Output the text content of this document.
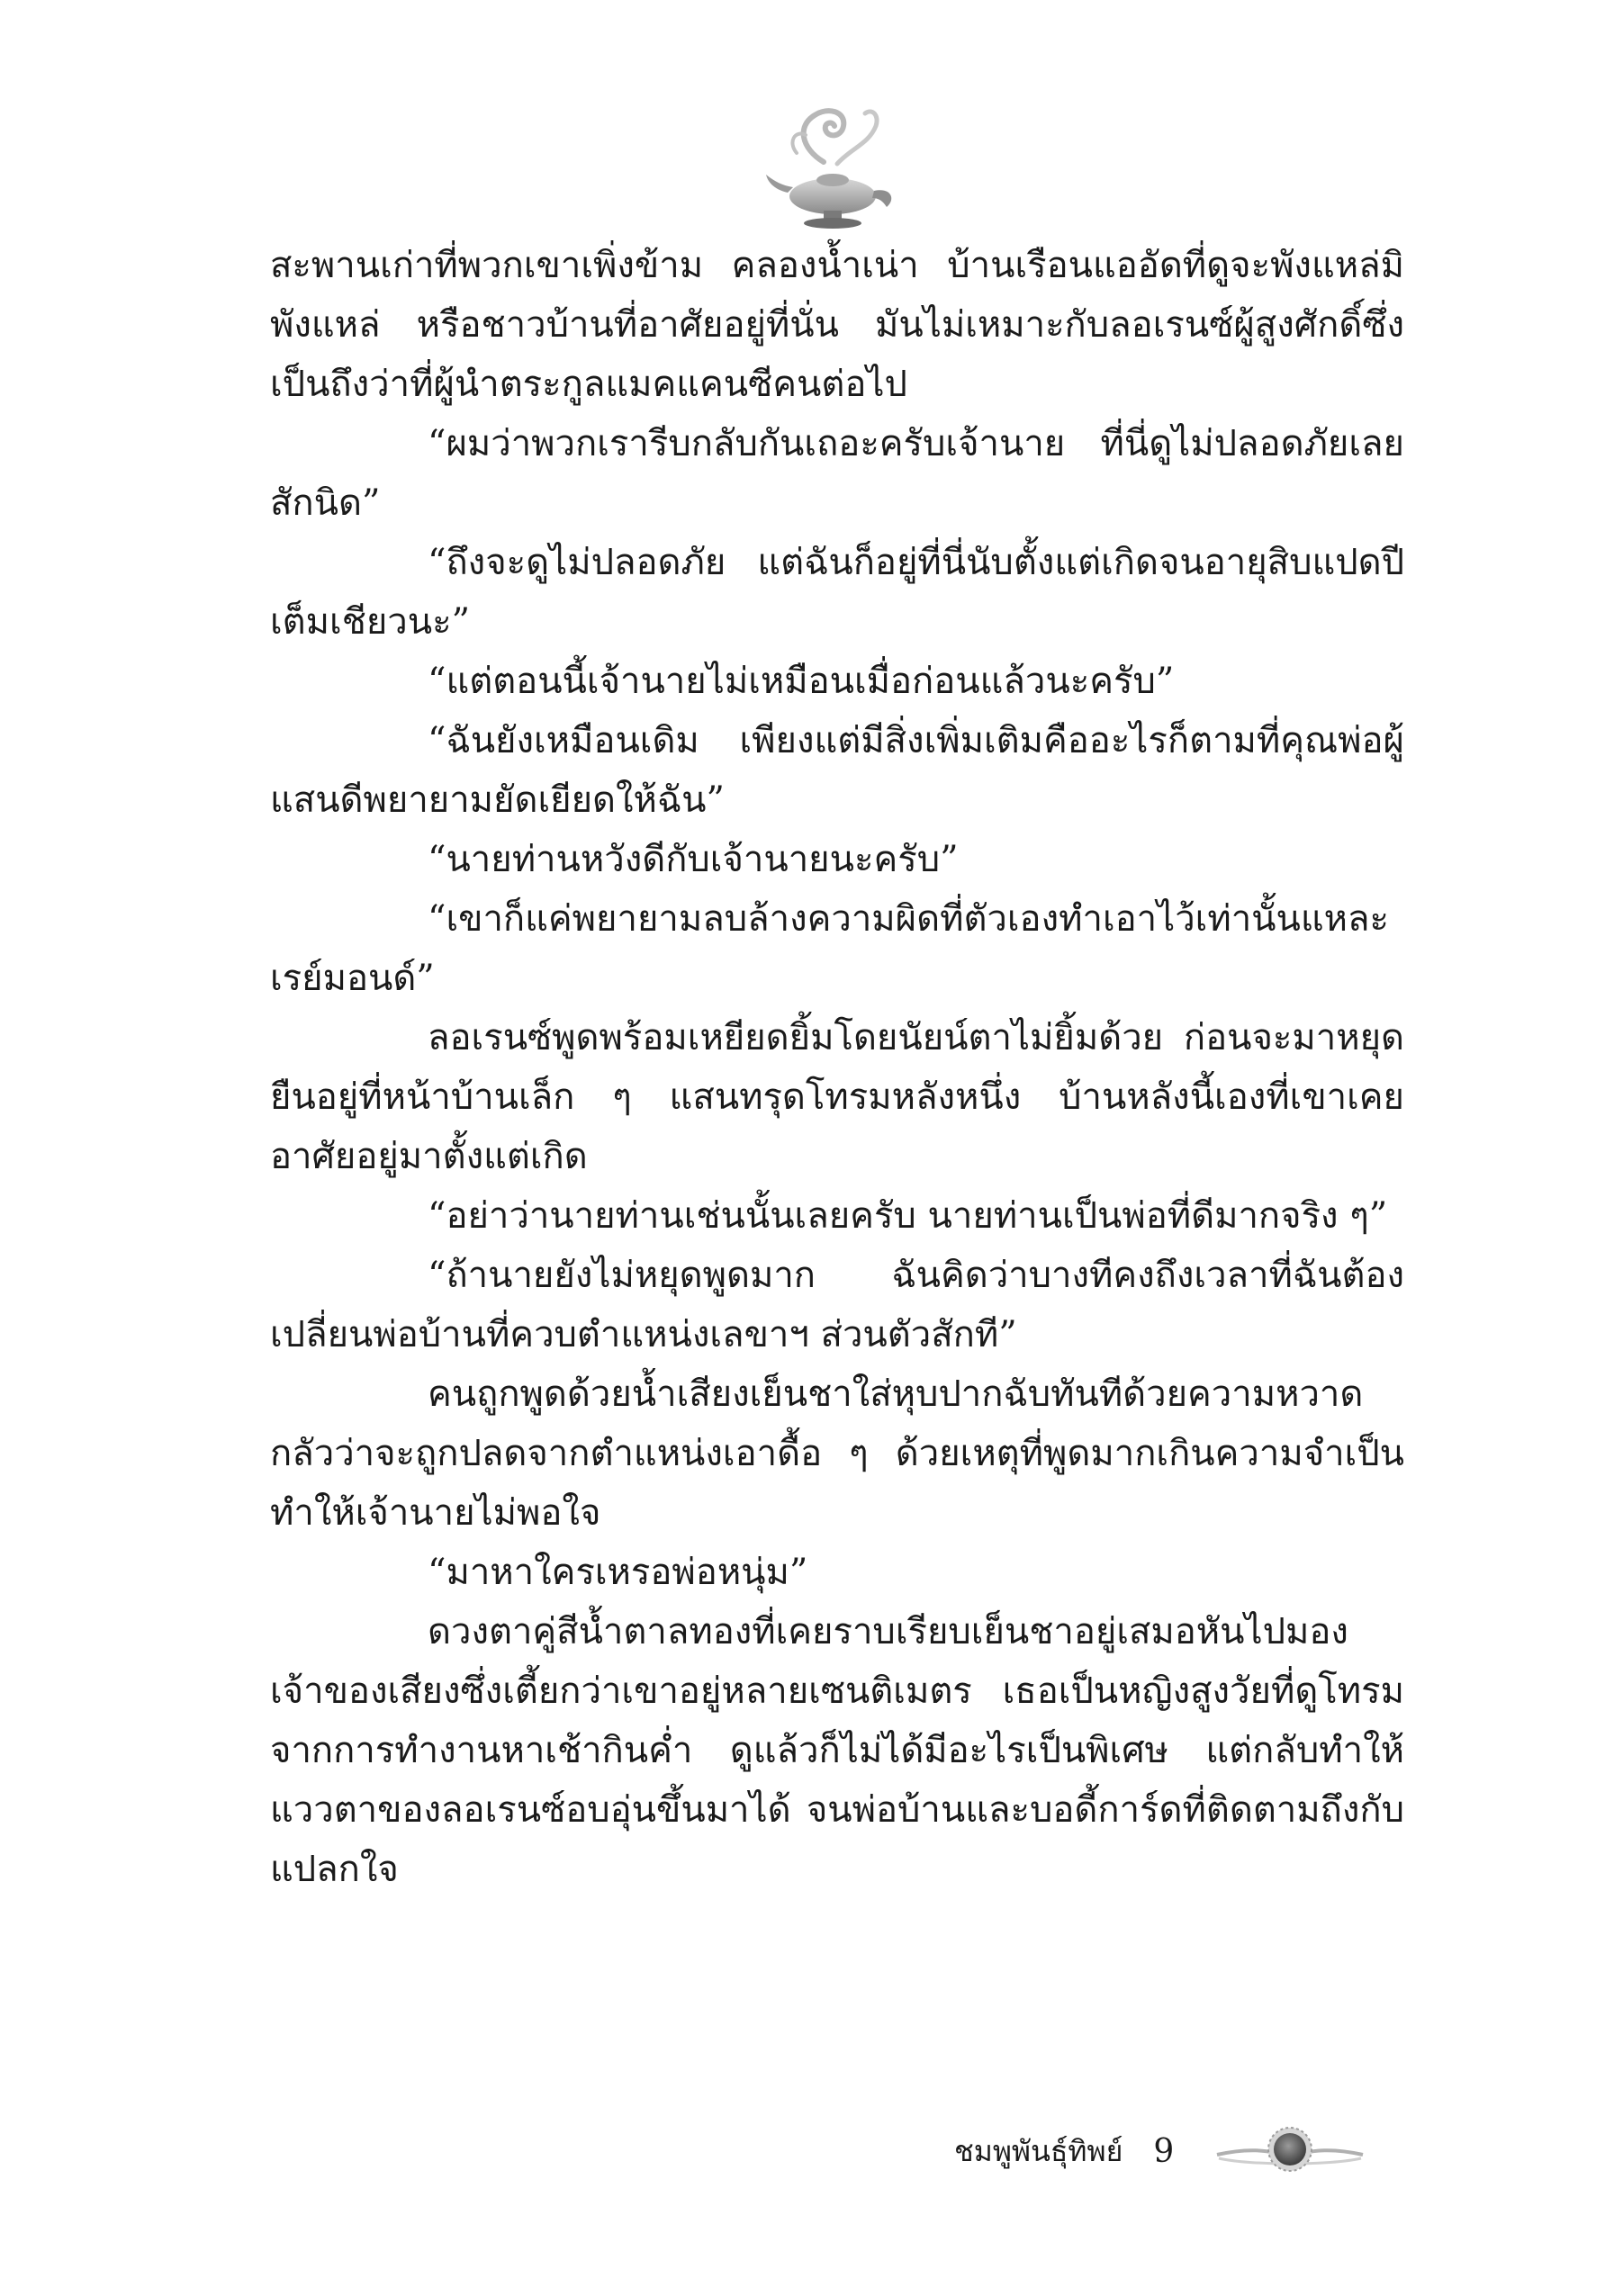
สะพานเก่าที่พวกเขาเพิ่งข้าม คลองน้ำเน่า บ้านเรือนแออัดที่ดูจะพังแหล่มิพังแหล่ หรือชาวบ้านที่อาศัยอยู่ที่นั่น มันไม่เหมาะกับลอเรนซ์ผู้สูงศักดิ์ซึ่งเป็นถึงว่าที่ผู้นำตระกูลแมคแคนซีคนต่อไป

“ผมว่าพวกเรารีบกลับกันเถอะครับเจ้านาย ที่นี่ดูไม่ปลอดภัยเลยสักนิด”

“ถึงจะดูไม่ปลอดภัย แต่ฉันก็อยู่ที่นี่นับตั้งแต่เกิดจนอายุสิบแปดปีเต็มเชียวนะ”

“แต่ตอนนี้เจ้านายไม่เหมือนเมื่อก่อนแล้วนะครับ”

“ฉันยังเหมือนเดิม เพียงแต่มีสิ่งเพิ่มเติมคืออะไรก็ตามที่คุณพ่อผู้แสนดีพยายามยัดเยียดให้ฉัน”

“นายท่านหวังดีกับเจ้านายนะครับ”

“เขาก็แค่พยายามลบล้างความผิดที่ตัวเองทำเอาไว้เท่านั้นแหละเรย์มอนด์”

ลอเรนซ์พูดพร้อมเหยียดยิ้มโดยนัยน์ตาไม่ยิ้มด้วย ก่อนจะมาหยุดยืนอยู่ที่หน้าบ้านเล็ก ๆ แสนทรุดโทรมหลังหนึ่ง บ้านหลังนี้เองที่เขาเคยอาศัยอยู่มาตั้งแต่เกิด

“อย่าว่านายท่านเช่นนั้นเลยครับ นายท่านเป็นพ่อที่ดีมากจริง ๆ”

“ถ้านายยังไม่หยุดพูดมาก ฉันคิดว่าบางทีคงถึงเวลาที่ฉันต้องเปลี่ยนพ่อบ้านที่ควบตำแหน่งเลขาฯ ส่วนตัวสักที”

คนถูกพูดด้วยน้ำเสียงเย็นชาใส่หุบปากฉับทันทีด้วยความหวาดกลัวว่าจะถูกปลดจากตำแหน่งเอาดื้อ ๆ ด้วยเหตุที่พูดมากเกินความจำเป็น ทำให้เจ้านายไม่พอใจ

“มาหาใครเหรอพ่อหนุ่ม”

ดวงตาคู่สีน้ำตาลทองที่เคยราบเรียบเย็นชาอยู่เสมอหันไปมองเจ้าของเสียงซึ่งเตี้ยกว่าเขาอยู่หลายเซนติเมตร เธอเป็นหญิงสูงวัยที่ดูโทรมจากการทำงานหาเช้ากินค่ำ ดูแล้วก็ไม่ได้มีอะไรเป็นพิเศษ แต่กลับทำให้แววตาของลอเรนซ์อบอุ่นขึ้นมาได้ จนพ่อบ้านและบอดี้การ์ดที่ติดตามถึงกับแปลกใจ

ชมพูพันธุ์ทิพย์ 9
